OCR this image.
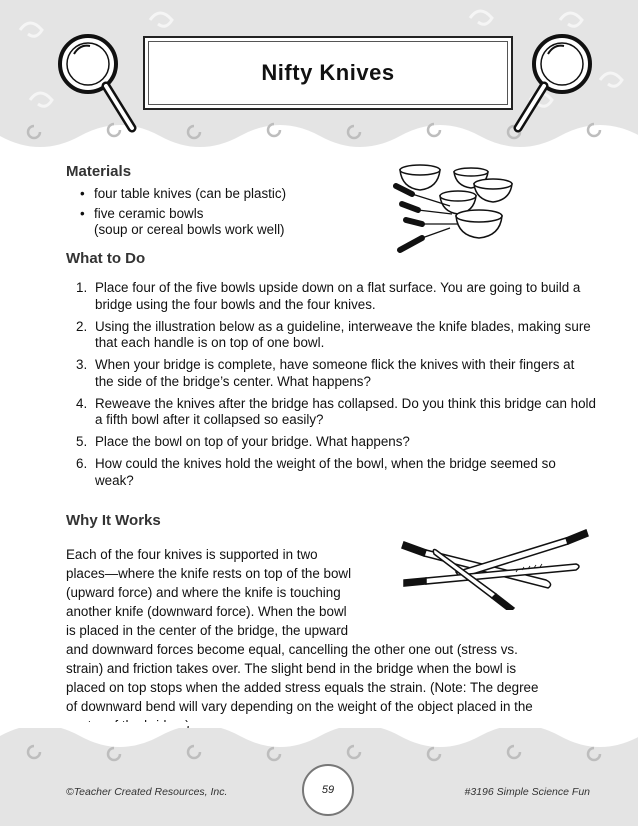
Nifty Knives
Materials
• four table knives (can be plastic)
• five ceramic bowls
(soup or cereal bowls work well)
What to Do
1. Place four of the five bowls upside down on a flat surface. You are going to build a bridge using the four bowls and the four knives.
2. Using the illustration below as a guideline, interweave the knife blades, making sure that each handle is on top of one bowl.
3. When your bridge is complete, have someone flick the knives with their fingers at the side of the bridge’s center. What happens?
4. Reweave the knives after the bridge has collapsed. Do you think this bridge can hold a fifth bowl after it collapsed so easily?
5. Place the bowl on top of your bridge. What happens?
6. How could the knives hold the weight of the bowl, when the bridge seemed so weak?
Why It Works
Each of the four knives is supported in two
places—where the knife rests on top of the bowl
(upward force) and where the knife is touching
another knife (downward force). When the bowl
is placed in the center of the bridge, the upward
and downward forces become equal, cancelling the other one out (stress vs.
strain) and friction takes over. The slight bend in the bridge when the bowl is
placed on top stops when the added stress equals the strain. (Note: The degree
of downward bend will vary depending on the weight of the object placed in the
©Teacher Created Resources, Inc.	59	#3196 Simple Science Fun
